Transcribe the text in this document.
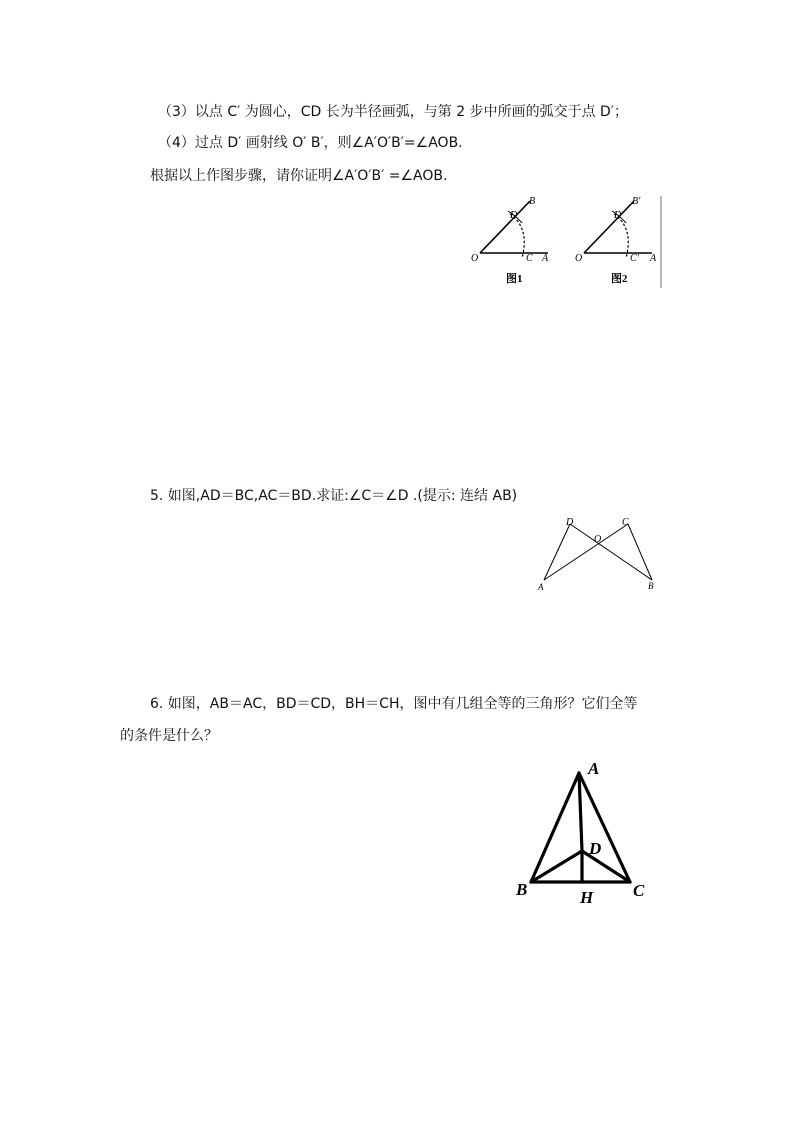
（3）以点 C′ 为圆心，CD 长为半径画弧，与第 2 步中所画的弧交于点 D′；
（4）过点 D′ 画射线 O′ B′，则∠A′O′B′=∠AOB.
根据以上作图步骤，请你证明∠A′O′B′ =∠AOB.
B
D
O	C A
图1
B′
D′
O	C′ A
图2
5. 如图,AD＝BC,AC＝BD.求证:∠C＝∠D .(提示: 连结 AB)
D	C
O
A	B
6. 如图，AB＝AC，BD＝CD，BH＝CH，图中有几组全等的三角形？它们全等
的条件是什么？
A
D
B	C
H
